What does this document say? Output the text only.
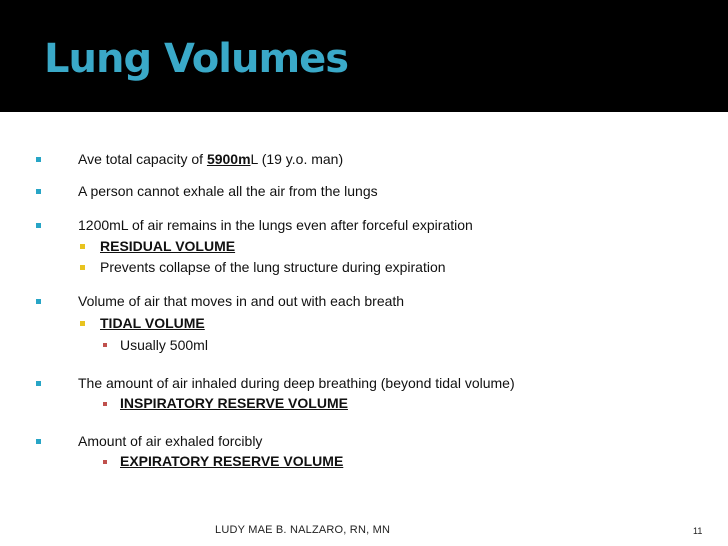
Lung Volumes
Ave total capacity of 5900mL (19 y.o. man)
A person cannot exhale all the air from the lungs
1200mL of air remains in the lungs even after forceful expiration
RESIDUAL VOLUME
Prevents collapse of the lung structure during expiration
Volume of air that moves in and out with each breath
TIDAL VOLUME
Usually 500ml
The amount of air inhaled during deep breathing (beyond tidal volume)
INSPIRATORY RESERVE VOLUME
Amount of air exhaled forcibly
EXPIRATORY RESERVE VOLUME
LUDY MAE B. NALZARO, RN, MN	11
